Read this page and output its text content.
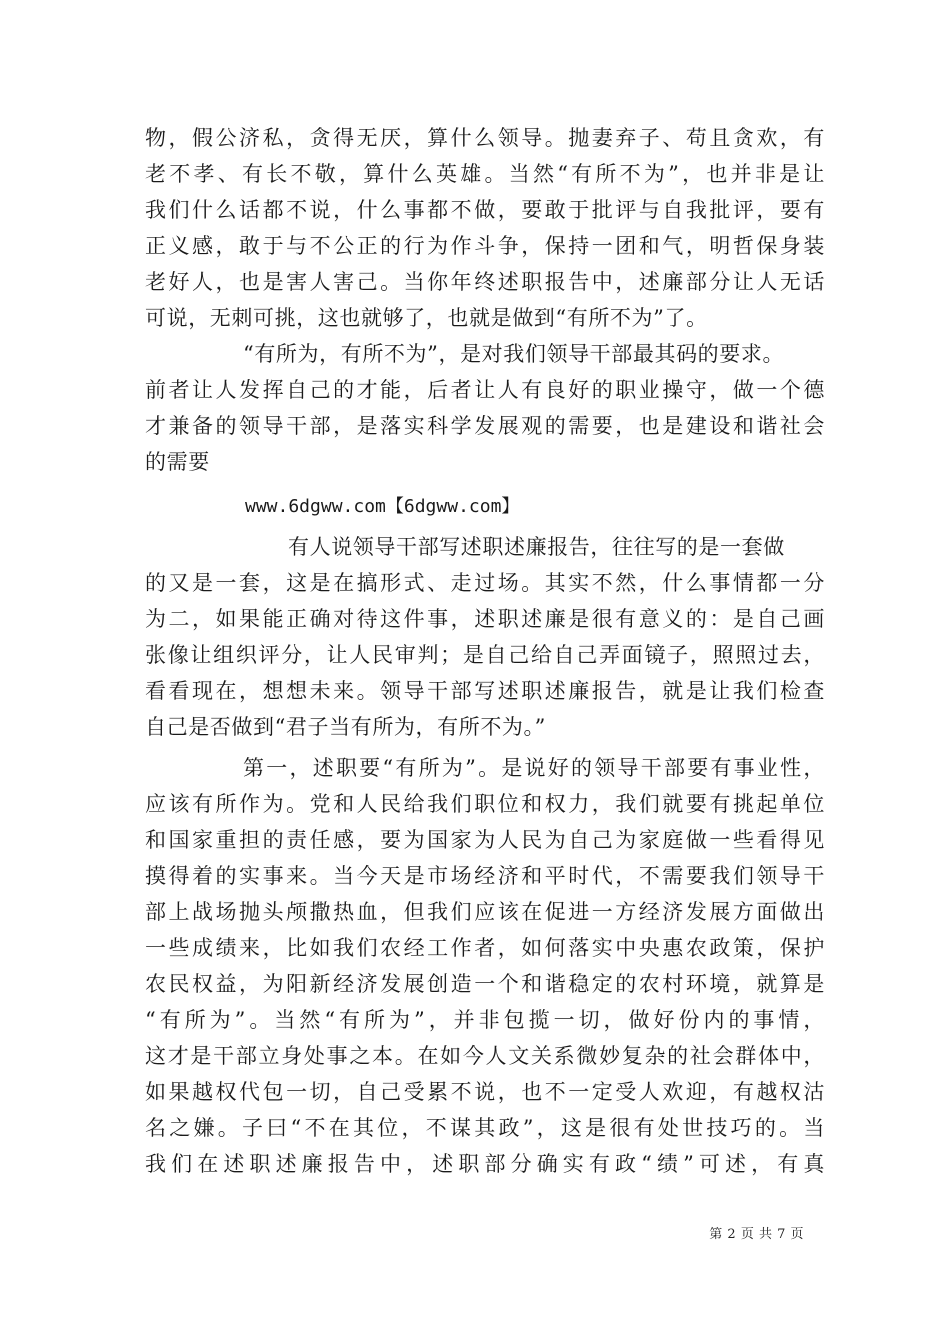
物，假公济私，贪得无厌，算什么领导。抛妻弃子、苟且贪欢，有
老不孝、有长不敬，算什么英雄。当然“有所不为”，也并非是让
我们什么话都不说，什么事都不做，要敢于批评与自我批评，要有
正义感，敢于与不公正的行为作斗争，保持一团和气，明哲保身装
老好人，也是害人害己。当你年终述职报告中，述廉部分让人无话
可说，无刺可挑，这也就够了，也就是做到“有所不为”了。
“有所为，有所不为”，是对我们领导干部最其码的要求。
前者让人发挥自己的才能，后者让人有良好的职业操守，做一个德
才兼备的领导干部，是落实科学发展观的需要，也是建设和谐社会
的需要
www.6dgww.com【6dgww.com】
有人说领导干部写述职述廉报告，往往写的是一套做
的又是一套，这是在搞形式、走过场。其实不然，什么事情都一分
为二，如果能正确对待这件事，述职述廉是很有意义的：是自己画
张像让组织评分，让人民审判；是自己给自己弄面镜子，照照过去，
看看现在，想想未来。领导干部写述职述廉报告，就是让我们检查
自己是否做到“君子当有所为，有所不为。”
第一，述职要“有所为”。是说好的领导干部要有事业性，
应该有所作为。党和人民给我们职位和权力，我们就要有挑起单位
和国家重担的责任感，要为国家为人民为自己为家庭做一些看得见
摸得着的实事来。当今天是市场经济和平时代，不需要我们领导干
部上战场抛头颅撒热血，但我们应该在促进一方经济发展方面做出
一些成绩来，比如我们农经工作者，如何落实中央惠农政策，保护
农民权益，为阳新经济发展创造一个和谐稳定的农村环境，就算是
“有所为”。当然“有所为”，并非包揽一切，做好份内的事情，
这才是干部立身处事之本。在如今人文关系微妙复杂的社会群体中，
如果越权代包一切，自己受累不说，也不一定受人欢迎，有越权沽
名之嫌。子曰“不在其位，不谋其政”，这是很有处世技巧的。当
我们在述职述廉报告中，述职部分确实有政“绩”可述，有真
第 2 页 共 7 页
